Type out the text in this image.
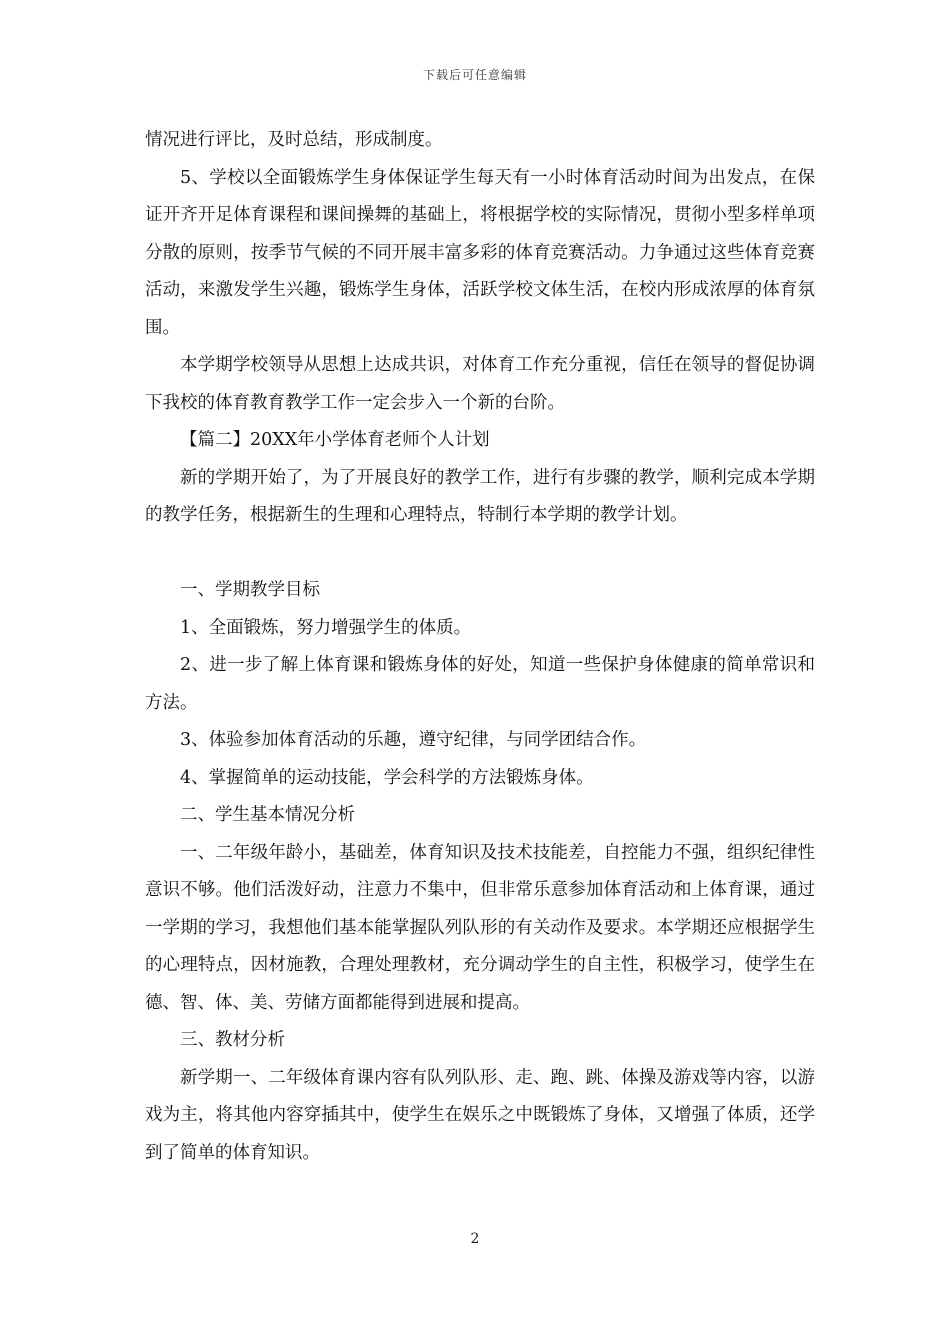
下载后可任意编辑

情况进行评比，及时总结，形成制度。

5、学校以全面锻炼学生身体保证学生每天有一小时体育活动时间为出发点，在保证开齐开足体育课程和课间操舞的基础上，将根据学校的实际情况，贯彻小型多样单项分散的原则，按季节气候的不同开展丰富多彩的体育竞赛活动。力争通过这些体育竞赛活动，来激发学生兴趣，锻炼学生身体，活跃学校文体生活，在校内形成浓厚的体育氛围。

本学期学校领导从思想上达成共识，对体育工作充分重视，信任在领导的督促协调下我校的体育教育教学工作一定会步入一个新的台阶。

【篇二】20XX年小学体育老师个人计划

新的学期开始了，为了开展良好的教学工作，进行有步骤的教学，顺利完成本学期的教学任务，根据新生的生理和心理特点，特制行本学期的教学计划。

一、学期教学目标

1、全面锻炼，努力增强学生的体质。

2、进一步了解上体育课和锻炼身体的好处，知道一些保护身体健康的简单常识和方法。

3、体验参加体育活动的乐趣，遵守纪律，与同学团结合作。

4、掌握简单的运动技能，学会科学的方法锻炼身体。

二、学生基本情况分析

一、二年级年龄小，基础差，体育知识及技术技能差，自控能力不强，组织纪律性意识不够。他们活泼好动，注意力不集中，但非常乐意参加体育活动和上体育课，通过一学期的学习，我想他们基本能掌握队列队形的有关动作及要求。本学期还应根据学生的心理特点，因材施教，合理处理教材，充分调动学生的自主性，积极学习，使学生在德、智、体、美、劳储方面都能得到进展和提高。

三、教材分析

新学期一、二年级体育课内容有队列队形、走、跑、跳、体操及游戏等内容，以游戏为主，将其他内容穿插其中，使学生在娱乐之中既锻炼了身体，又增强了体质，还学到了简单的体育知识。

2
